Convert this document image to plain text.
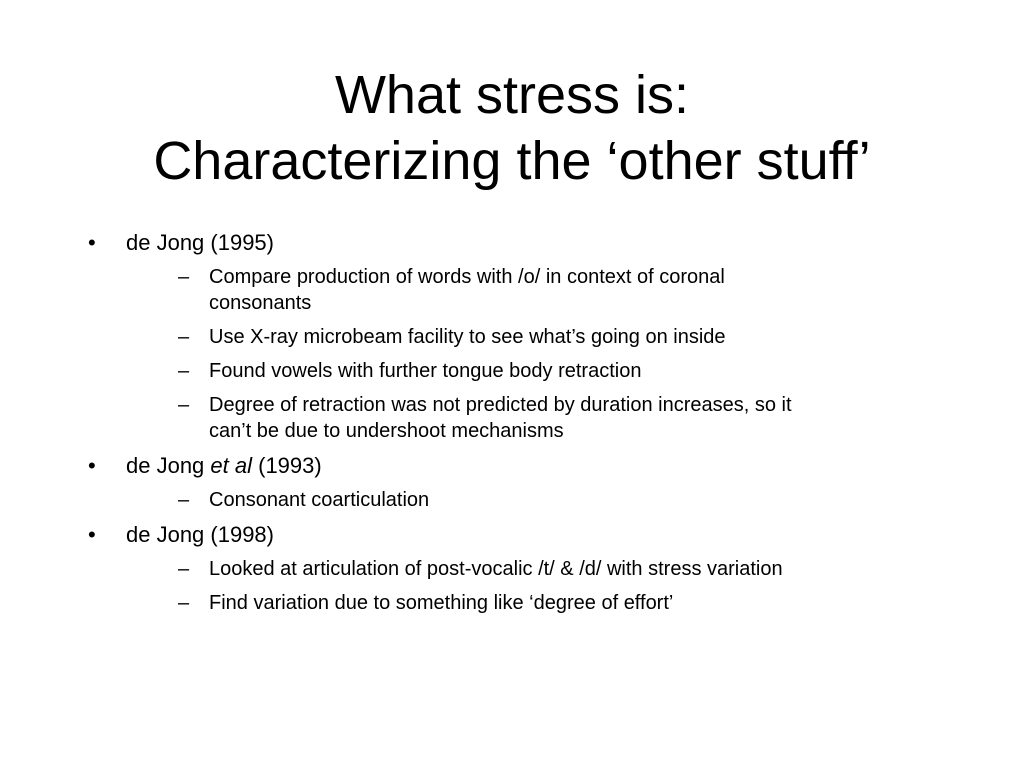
What stress is:
Characterizing the ‘other stuff’
• de Jong (1995)
– Compare production of words with /o/ in context of coronal
consonants
– Use X-ray microbeam facility to see what’s going on inside
– Found vowels with further tongue body retraction
– Degree of retraction was not predicted by duration increases, so it
can’t be due to undershoot mechanisms
• de Jong et al (1993)
– Consonant coarticulation
• de Jong (1998)
– Looked at articulation of post-vocalic /t/ & /d/ with stress variation
– Find variation due to something like ‘degree of effort’
